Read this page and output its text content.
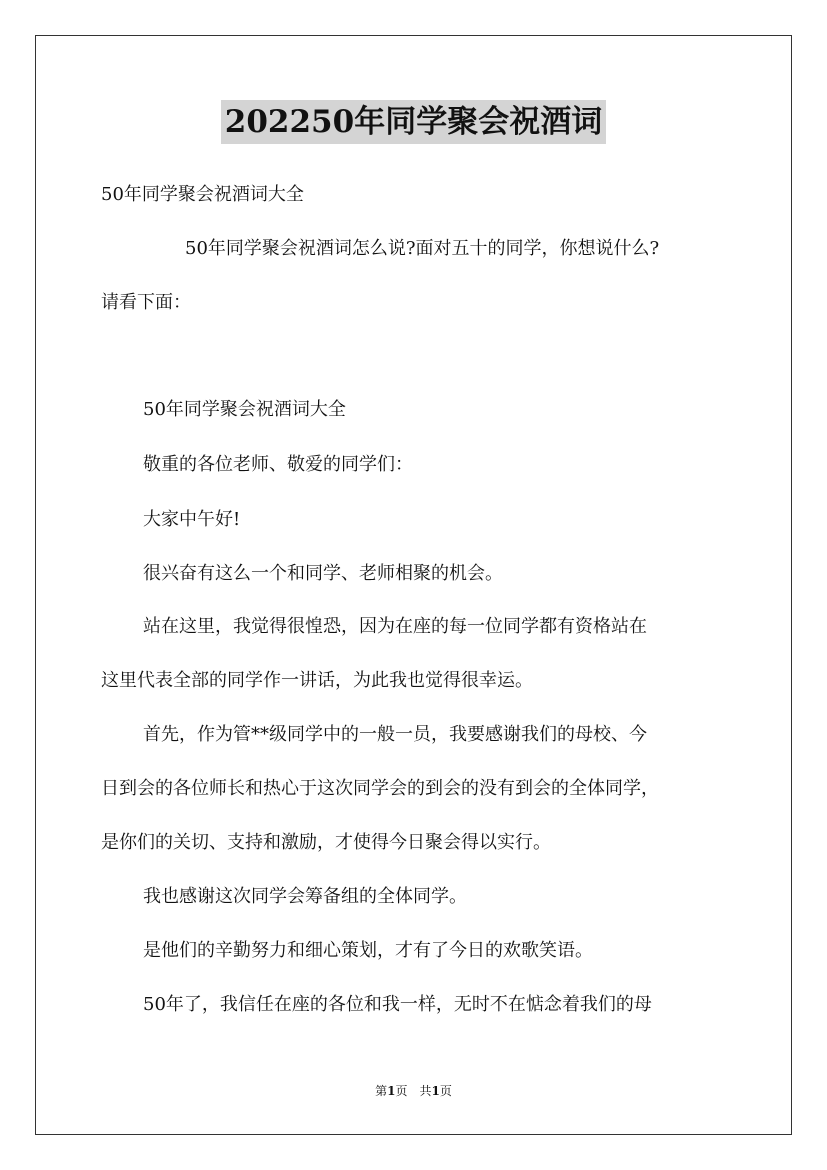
202250年同学聚会祝酒词
50年同学聚会祝酒词大全
50年同学聚会祝酒词怎么说?面对五十的同学，你想说什么?
请看下面：
50年同学聚会祝酒词大全
敬重的各位老师、敬爱的同学们：
大家中午好!
很兴奋有这么一个和同学、老师相聚的机会。
站在这里，我觉得很惶恐，因为在座的每一位同学都有资格站在
这里代表全部的同学作一讲话，为此我也觉得很幸运。
首先，作为管**级同学中的一般一员，我要感谢我们的母校、今
日到会的各位师长和热心于这次同学会的到会的没有到会的全体同学，
是你们的关切、支持和激励，才使得今日聚会得以实行。
我也感谢这次同学会筹备组的全体同学。
是他们的辛勤努力和细心策划，才有了今日的欢歌笑语。
50年了，我信任在座的各位和我一样，无时不在惦念着我们的母
第1页　共1页
